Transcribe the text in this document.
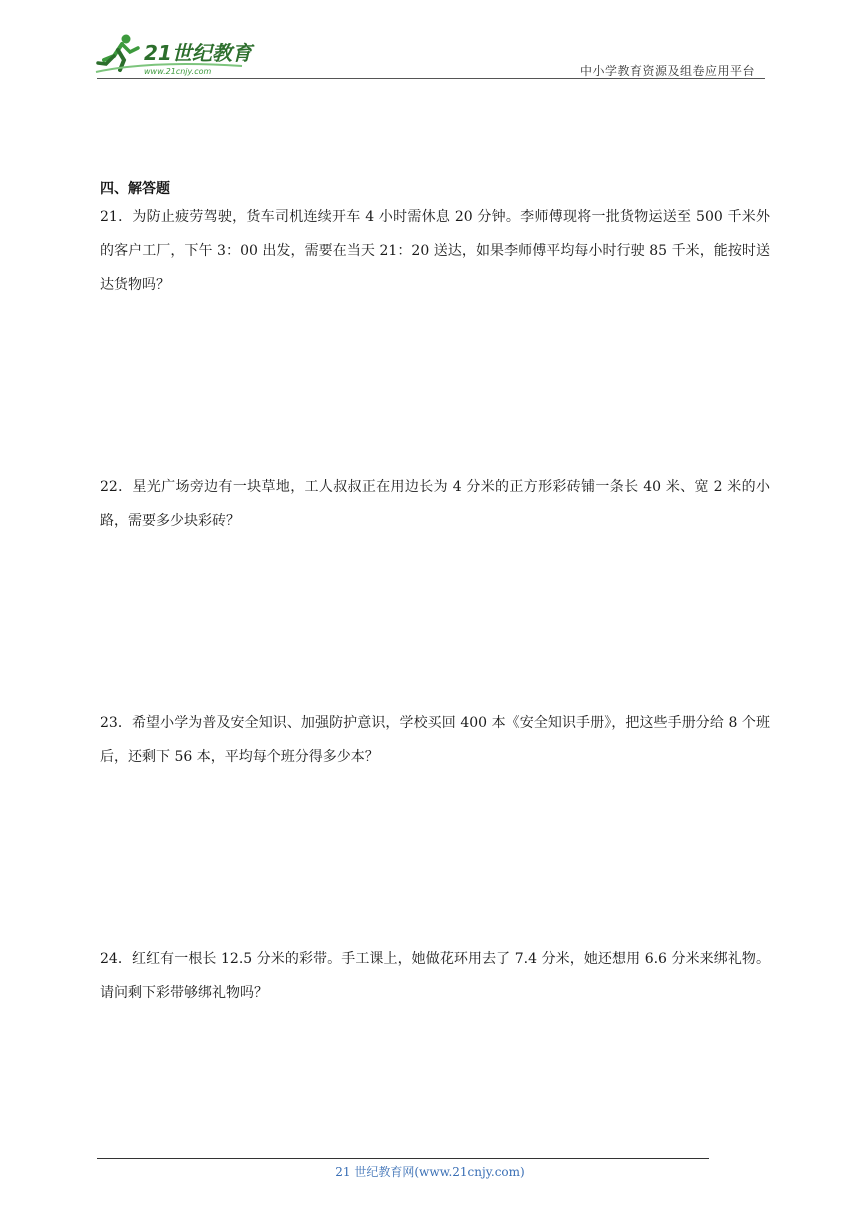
21世纪教育
www.21cnjy.com	中小学教育资源及组卷应用平台
四、解答题
21．为防止疲劳驾驶，货车司机连续开车 4 小时需休息 20 分钟。李师傅现将一批货物运送至 500 千米外的客户工厂，下午 3：00 出发，需要在当天 21：20 送达，如果李师傅平均每小时行驶 85 千米，能按时送达货物吗？
22．星光广场旁边有一块草地，工人叔叔正在用边长为 4 分米的正方形彩砖铺一条长 40 米、宽 2 米的小路，需要多少块彩砖？
23．希望小学为普及安全知识、加强防护意识，学校买回 400 本《安全知识手册》，把这些手册分给 8 个班后，还剩下 56 本，平均每个班分得多少本？
24．红红有一根长 12.5 分米的彩带。手工课上，她做花环用去了 7.4 分米，她还想用 6.6 分米来绑礼物。请问剩下彩带够绑礼物吗？
21 世纪教育网(www.21cnjy.com)
